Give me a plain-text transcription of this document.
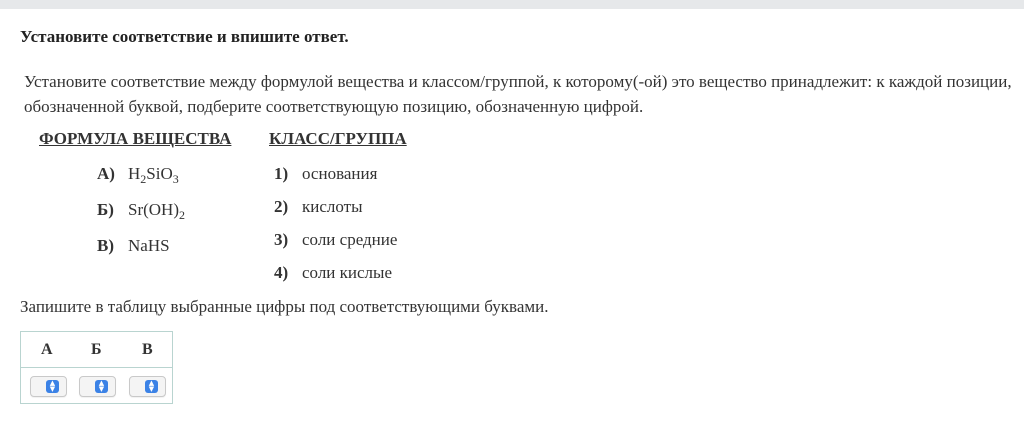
Установите соответствие и впишите ответ.
Установите соответствие между формулой вещества и классом/группой, к которому(-ой) это вещество принадлежит: к каждой позиции, обозначенной буквой, подберите соответствующую позицию, обозначенную цифрой.
ФОРМУЛА ВЕЩЕСТВА КЛАСС/ГРУППА
А) $H_2SiO_3$
Б) $Sr(OH)_2$
В) NaHS
1) основания
2) кислоты
3) соли средние
4) соли кислые
Запишите в таблицу выбранные цифры под соответствующими буквами.
А Б	В
▲
▼
▲
▼
▲
▼
